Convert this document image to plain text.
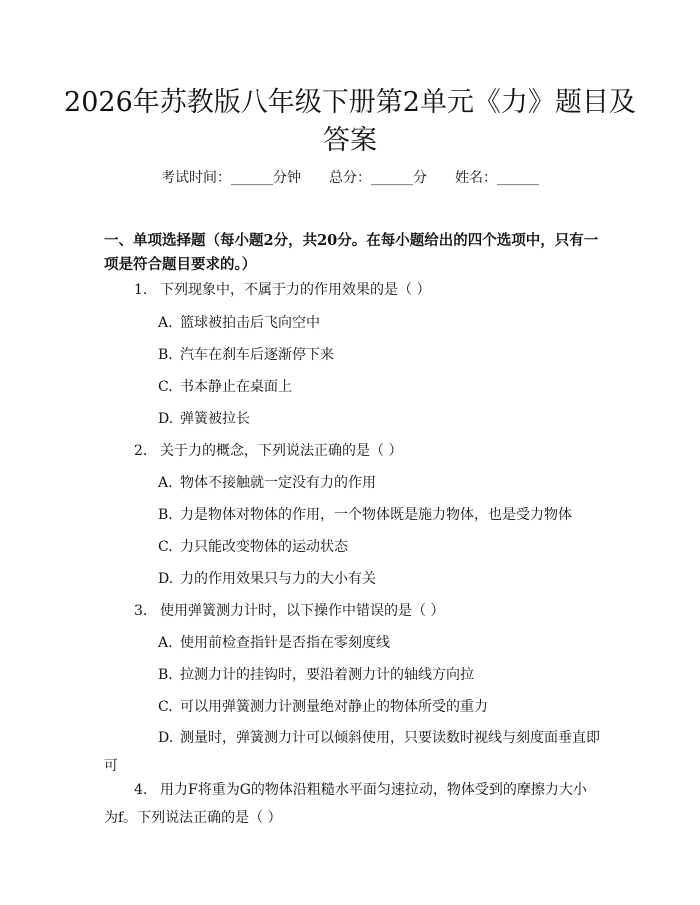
2026年苏教版八年级下册第2单元《力》题目及答案
考试时间：______分钟 总分：______分 姓名：______
一、单项选择题（每小题2分，共20分。在每小题给出的四个选项中，只有一项是符合题目要求的。）
1. 下列现象中，不属于力的作用效果的是（ ）
A. 篮球被拍击后飞向空中
B. 汽车在刹车后逐渐停下来
C. 书本静止在桌面上
D. 弹簧被拉长
2. 关于力的概念，下列说法正确的是（ ）
A. 物体不接触就一定没有力的作用
B. 力是物体对物体的作用，一个物体既是施力物体，也是受力物体
C. 力只能改变物体的运动状态
D. 力的作用效果只与力的大小有关
3. 使用弹簧测力计时，以下操作中错误的是（ ）
A. 使用前检查指针是否指在零刻度线
B. 拉测力计的挂钩时，要沿着测力计的轴线方向拉
C. 可以用弹簧测力计测量绝对静止的物体所受的重力
D. 测量时，弹簧测力计可以倾斜使用，只要读数时视线与刻度面垂直即可
4. 用力F将重为G的物体沿粗糙水平面匀速拉动，物体受到的摩擦力大小为f。下列说法正确的是（ ）
